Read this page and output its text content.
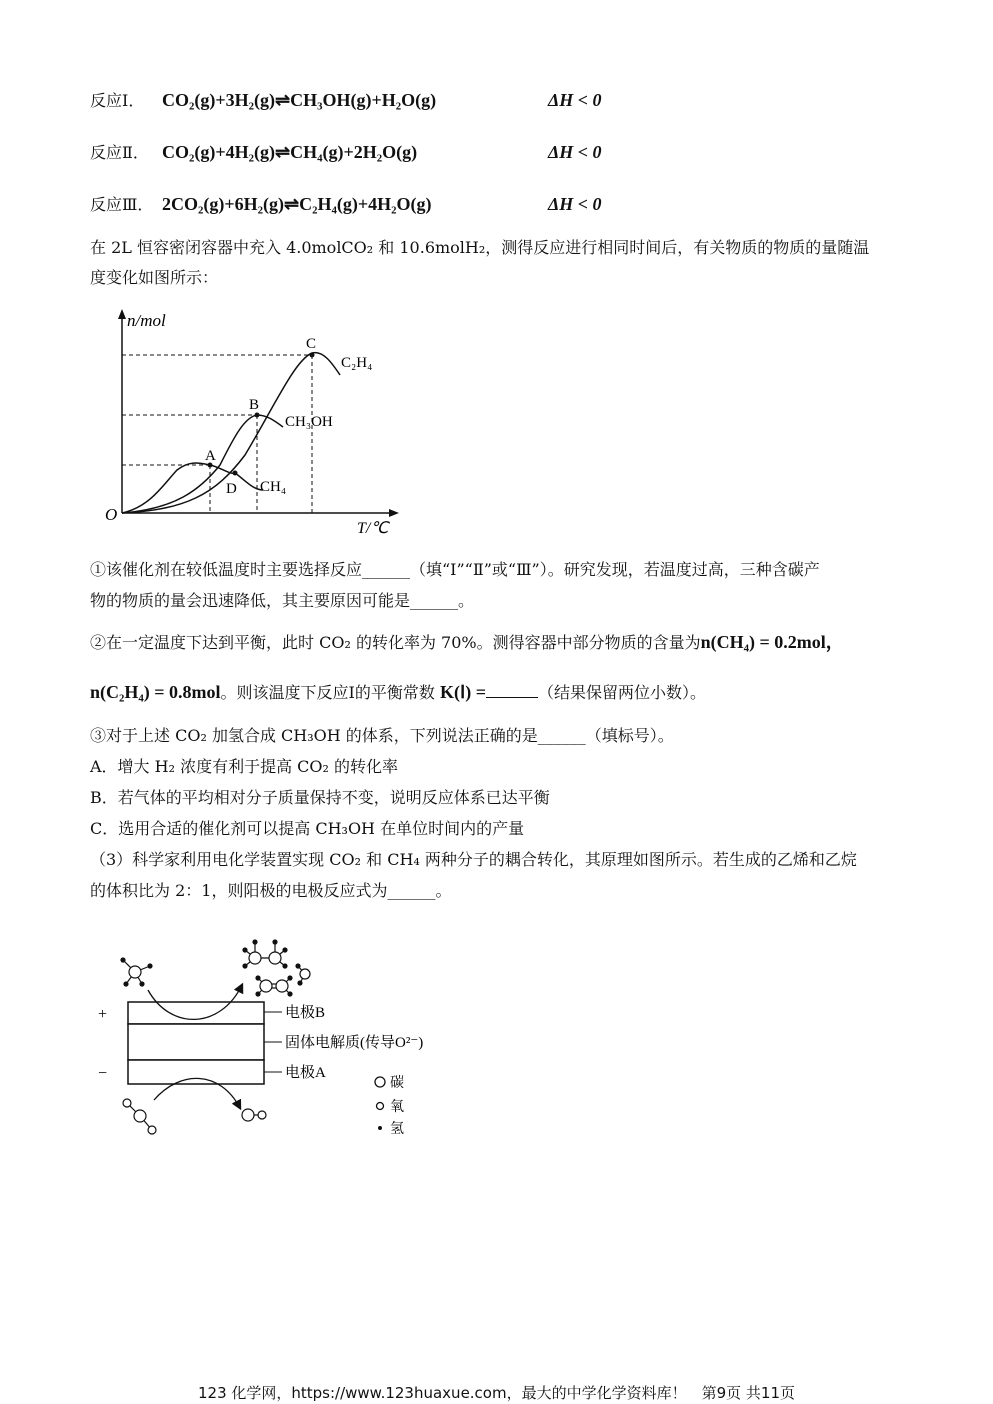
反应Ⅰ． CO₂(g)+3H₂(g)⇌CH₃OH(g)+H₂O(g)	ΔH < 0
反应Ⅱ． CO₂(g)+4H₂(g)⇌CH₄(g)+2H₂O(g)	ΔH < 0
反应Ⅲ． 2CO₂(g)+6H₂(g)⇌C₂H₄(g)+4H₂O(g)	ΔH < 0
在 2L 恒容密闭容器中充入 4.0molCO₂ 和 10.6molH₂，测得反应进行相同时间后，有关物质的物质的量随温
度变化如图所示：
n/mol
T/℃
O
A
B
C
D
C₂H₄
CH₃OH
CH₄
①该催化剂在较低温度时主要选择反应______（填“Ⅰ”“Ⅱ”或“Ⅲ”）。研究发现，若温度过高，三种含碳产
物的物质的量会迅速降低，其主要原因可能是______。
②在一定温度下达到平衡，此时 CO₂ 的转化率为 70%。测得容器中部分物质的含量为n(CH₄) = 0.2mol，
n(C₂H₄) = 0.8mol。则该温度下反应Ⅰ的平衡常数 K(Ⅰ) =	（结果保留两位小数）。
③对于上述 CO₂ 加氢合成 CH₃OH 的体系，下列说法正确的是______（填标号）。
A．增大 H₂ 浓度有利于提高 CO₂ 的转化率
B．若气体的平均相对分子质量保持不变，说明反应体系已达平衡
C．选用合适的催化剂可以提高 CH₃OH 在单位时间内的产量
（3）科学家利用电化学装置实现 CO₂ 和 CH₄ 两种分子的耦合转化，其原理如图所示。若生成的乙烯和乙烷
的体积比为 2：1，则阳极的电极反应式为______。
+
−
电极B
固体电解质(传导O²⁻)
电极A
碳
氧
氢
123 化学网，https://www.123huaxue.com，最大的中学化学资料库！　第9页 共11页
